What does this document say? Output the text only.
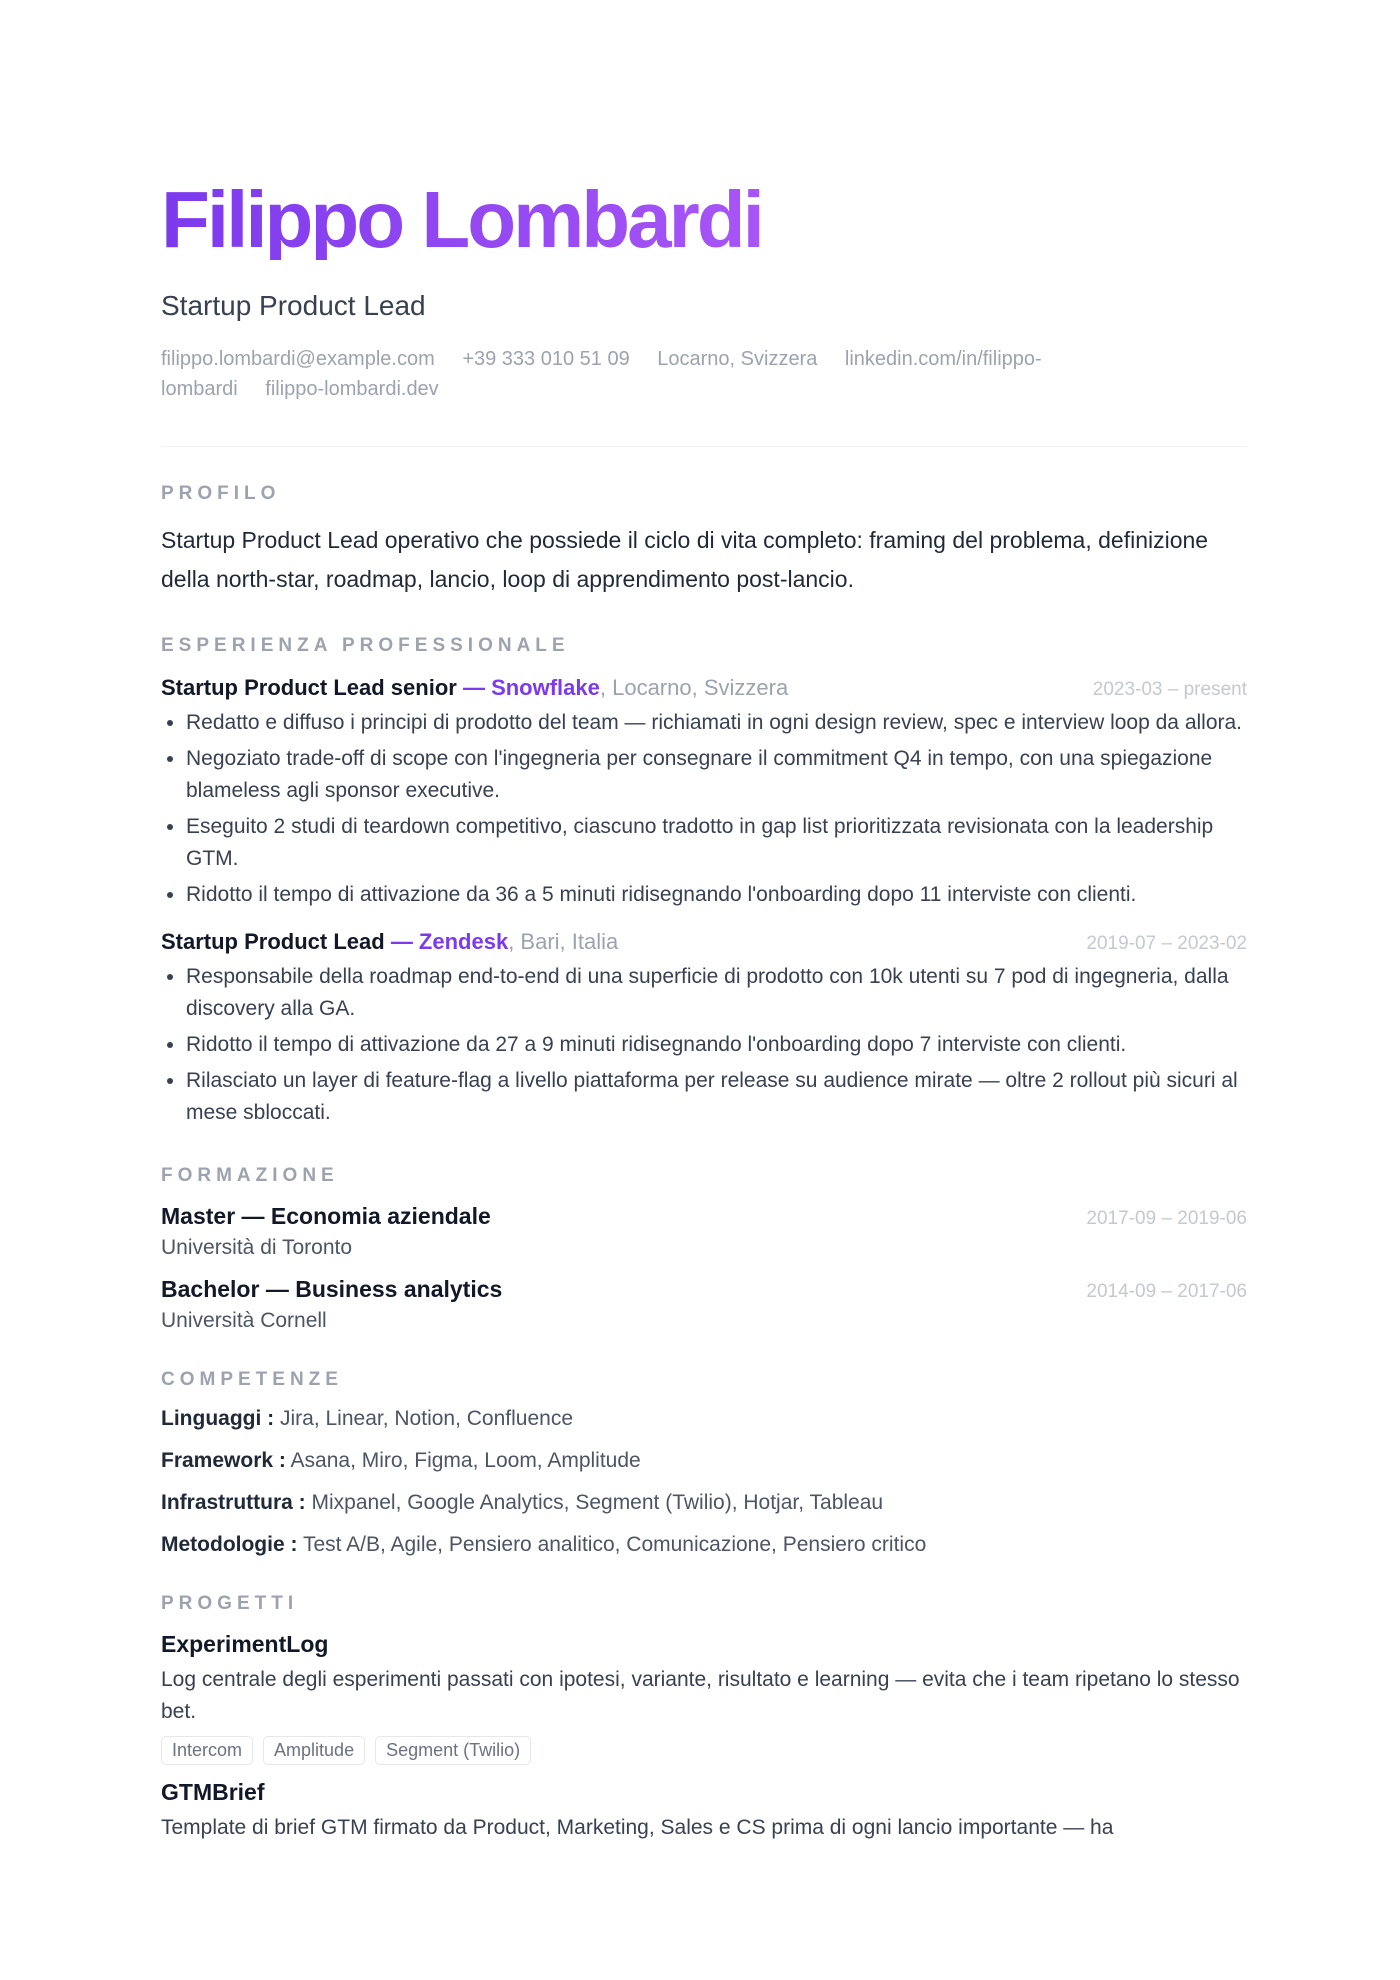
Filippo Lombardi
Startup Product Lead
filippo.lombardi@example.com +39 333 010 51 09 Locarno, Svizzera linkedin.com/in/filippo-lombardi filippo-lombardi.dev
PROFILO
Startup Product Lead operativo che possiede il ciclo di vita completo: framing del problema, definizione della north-star, roadmap, lancio, loop di apprendimento post-lancio.
ESPERIENZA PROFESSIONALE
Startup Product Lead senior — Snowflake, Locarno, Svizzera	2023-03 – present
• Redatto e diffuso i principi di prodotto del team — richiamati in ogni design review, spec e interview loop da allora.
• Negoziato trade-off di scope con l'ingegneria per consegnare il commitment Q4 in tempo, con una spiegazione blameless agli sponsor executive.
• Eseguito 2 studi di teardown competitivo, ciascuno tradotto in gap list prioritizzata revisionata con la leadership GTM.
• Ridotto il tempo di attivazione da 36 a 5 minuti ridisegnando l'onboarding dopo 11 interviste con clienti.
Startup Product Lead — Zendesk, Bari, Italia	2019-07 – 2023-02
• Responsabile della roadmap end-to-end di una superficie di prodotto con 10k utenti su 7 pod di ingegneria, dalla discovery alla GA.
• Ridotto il tempo di attivazione da 27 a 9 minuti ridisegnando l'onboarding dopo 7 interviste con clienti.
• Rilasciato un layer di feature-flag a livello piattaforma per release su audience mirate — oltre 2 rollout più sicuri al mese sbloccati.
FORMAZIONE
Master — Economia aziendale	2017-09 – 2019-06
Università di Toronto
Bachelor — Business analytics	2014-09 – 2017-06
Università Cornell
COMPETENZE
Linguaggi : Jira, Linear, Notion, Confluence
Framework : Asana, Miro, Figma, Loom, Amplitude
Infrastruttura : Mixpanel, Google Analytics, Segment (Twilio), Hotjar, Tableau
Metodologie : Test A/B, Agile, Pensiero analitico, Comunicazione, Pensiero critico
PROGETTI
ExperimentLog
Log centrale degli esperimenti passati con ipotesi, variante, risultato e learning — evita che i team ripetano lo stesso bet.
Intercom	Amplitude	Segment (Twilio)
GTMBrief
Template di brief GTM firmato da Product, Marketing, Sales e CS prima di ogni lancio importante — ha
